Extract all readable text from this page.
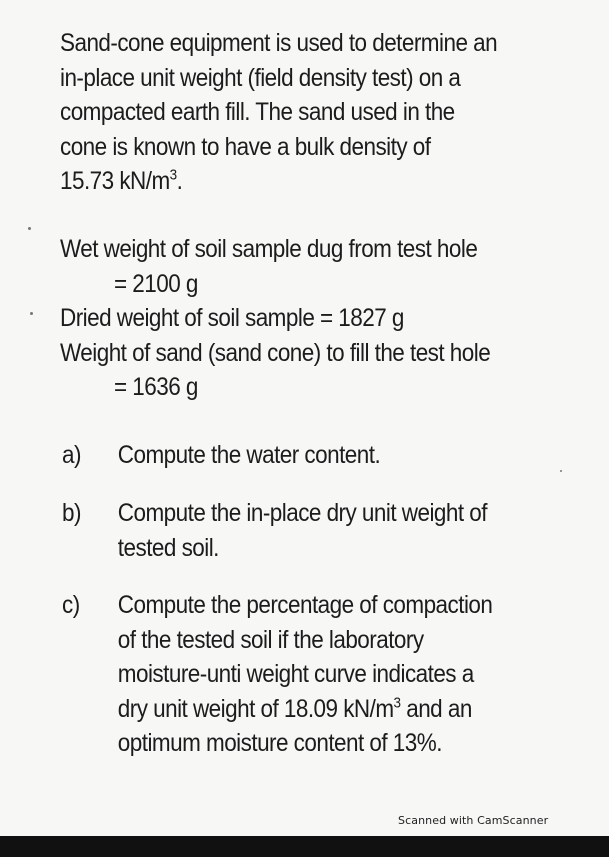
Sand-cone equipment is used to determine an
in-place unit weight (field density test) on a
compacted earth fill. The sand used in the
cone is known to have a bulk density of
15.73 $kN/m^3$.
Wet weight of soil sample dug from test hole
= 2100 g
Dried weight of soil sample = 1827 g
Weight of sand (sand cone) to fill the test hole
= 1636 g
a)	Compute the water content.
b)	Compute the in-place dry unit weight of
tested soil.
c)	Compute the percentage of compaction
of the tested soil if the laboratory
moisture-unti weight curve indicates a
dry unit weight of 18.09 $kN/m^3$ and an
optimum moisture content of 13%.
Scanned with CamScanner
